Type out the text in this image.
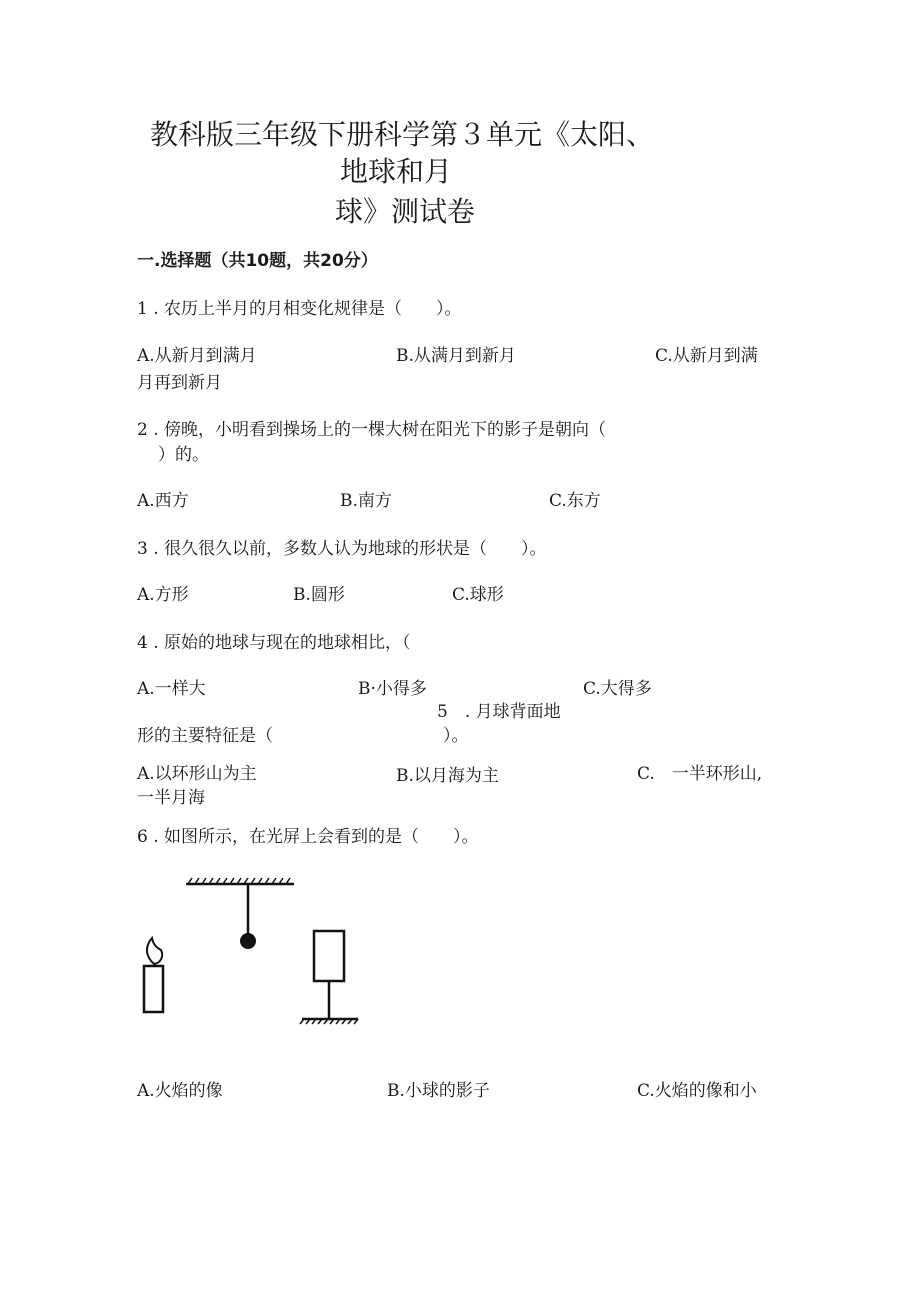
教科版三年级下册科学第３单元《太阳、
地球和月
球》测试卷
一.选择题（共10题，共20分）
1 . 农历上半月的月相变化规律是（　　）。
A.从新月到满月	B.从满月到新月	C.从新月到满
月再到新月
2 . 傍晚，小明看到操场上的一棵大树在阳光下的影子是朝向（
）的。
A.西方	B.南方	C.东方
3 . 很久很久以前，多数人认为地球的形状是（　　）。
A.方形	B.圆形	C.球形
4 . 原始的地球与现在的地球相比，（
A.一样大	B·小得多	C.大得多
5　. 月球背面地
形的主要特征是（	）。
A.以环形山为主	B.以月海为主	C.　一半环形山,
一半月海
6 . 如图所示，在光屏上会看到的是（　　）。
A.火焰的像	B.小球的影子	C.火焰的像和小
